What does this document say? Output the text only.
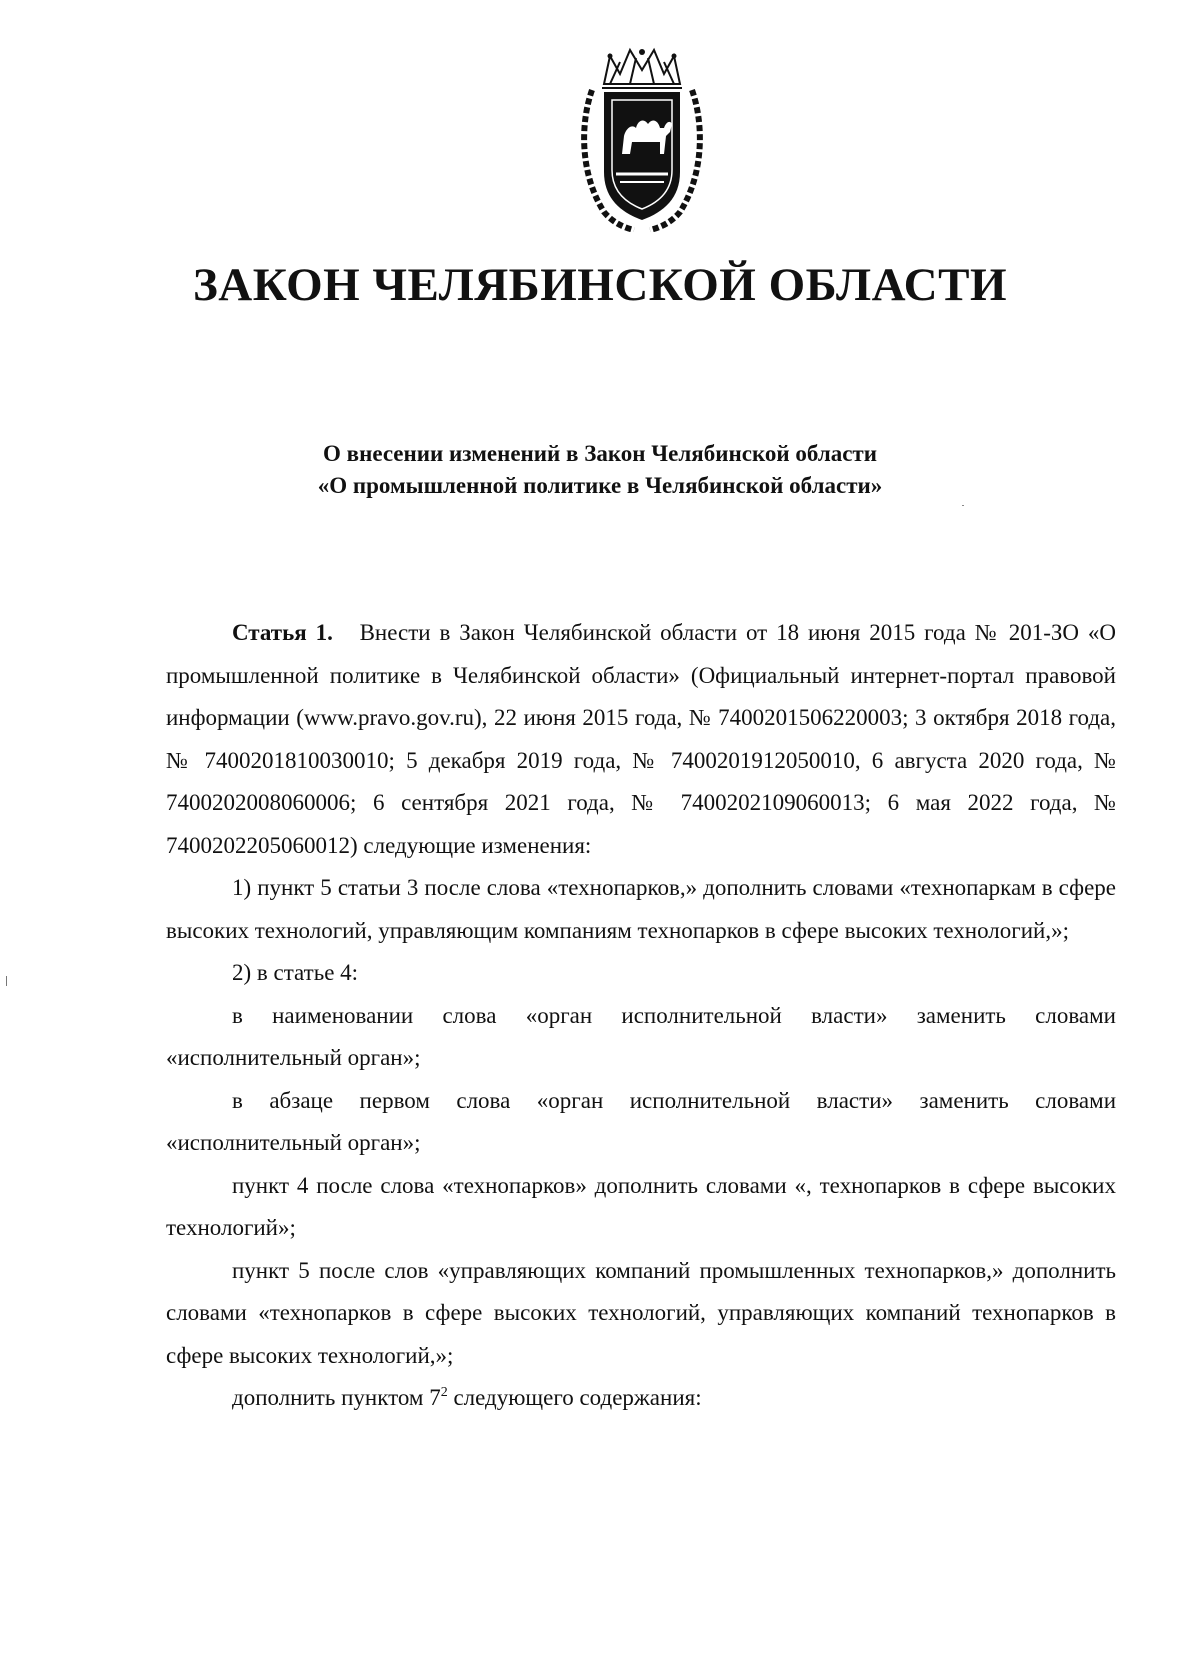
ЗАКОН ЧЕЛЯБИНСКОЙ ОБЛАСТИ
О внесении изменений в Закон Челябинской области
«О промышленной политике в Челябинской области»

Статья 1. Внести в Закон Челябинской области от 18 июня 2015 года № 201-ЗО «О промышленной политике в Челябинской области» (Официальный интернет-портал правовой информации (www.pravo.gov.ru), 22 июня 2015 года, № 7400201506220003; 3 октября 2018 года, № 7400201810030010; 5 декабря 2019 года, № 7400201912050010, 6 августа 2020 года, № 7400202008060006; 6 сентября 2021 года, № 7400202109060013; 6 мая 2022 года, № 7400202205060012) следующие изменения:

1) пункт 5 статьи 3 после слова «технопарков,» дополнить словами «технопаркам в сфере высоких технологий, управляющим компаниям технопарков в сфере высоких технологий,»;

2) в статье 4:

в наименовании слова «орган исполнительной власти» заменить словами «исполнительный орган»;

в абзаце первом слова «орган исполнительной власти» заменить словами «исполнительный орган»;

пункт 4 после слова «технопарков» дополнить словами «, технопарков в сфере высоких технологий»;

пункт 5 после слов «управляющих компаний промышленных технопарков,» дополнить словами «технопарков в сфере высоких технологий, управляющих компаний технопарков в сфере высоких технологий,»;

дополнить пунктом $7^2$ следующего содержания:
